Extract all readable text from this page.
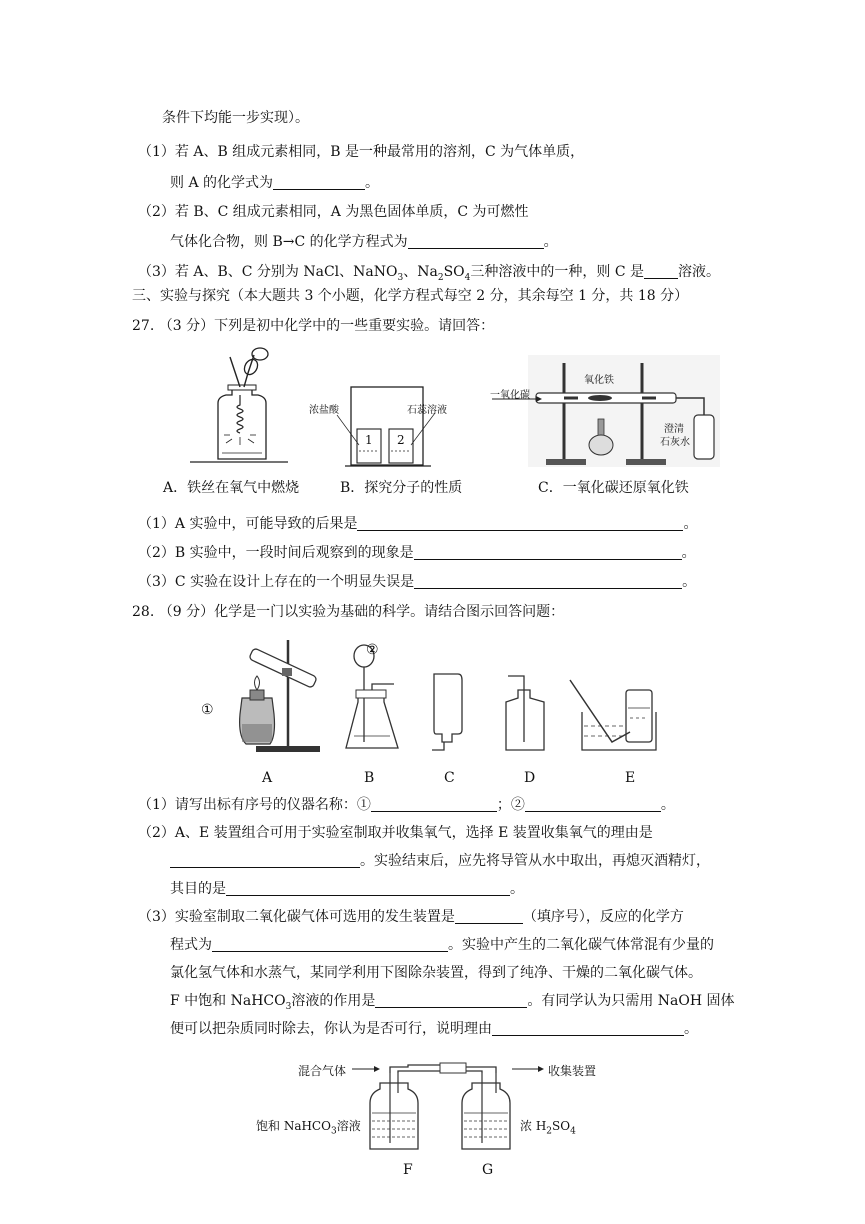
条件下均能一步实现）。
（1）若 A、B 组成元素相同，B 是一种最常用的溶剂，C 为气体单质，
则 A 的化学式为	。
（2）若 B、C 组成元素相同，A 为黑色固体单质，C 为可燃性
气体化合物，则 B→C 的化学方程式为	。
（3）若 A、B、C 分别为 NaCl、NaNO$_3$、$Na_2SO_4$三种溶液中的一种，则 C 是 溶液。
三、实验与探究（本大题共 3 个小题，化学方程式每空 2 分，其余每空 1 分，共 18 分）
27. （3 分）下列是初中化学中的一些重要实验。请回答：
A．铁丝在氧气中燃烧
浓盐酸	石蕊溶液
1 2
B．探究分子的性质
一氧化碳
氧化铁
澄清
石灰水
C．一氧化碳还原氧化铁
（1）A 实验中，可能导致的后果是	。
（2）B 实验中，一段时间后观察到的现象是	。
（3）C 实验在设计上存在的一个明显失误是	。
28. （9 分）化学是一门以实验为基础的科学。请结合图示回答问题：
①
②
A	B	C	D	E
（1）请写出标有序号的仪器名称：①	；②	。
（2）A、E 装置组合可用于实验室制取并收集氧气，选择 E 装置收集氧气的理由是
。实验结束后，应先将导管从水中取出，再熄灭酒精灯，
其目的是	。
（3）实验室制取二氧化碳气体可选用的发生装置是	（填序号），反应的化学方
程式为	。实验中产生的二氧化碳气体常混有少量的
氯化氢气体和水蒸气，某同学利用下图除杂装置，得到了纯净、干燥的二氧化碳气体。
F 中饱和 NaHCO$_3$溶液的作用是	。有同学认为只需用 NaOH 固体
便可以把杂质同时除去，你认为是否可行，说明理由	。
混合气体	收集装置
饱和 NaHCO$_3$溶液	浓 $H_2SO_4$
F	G
